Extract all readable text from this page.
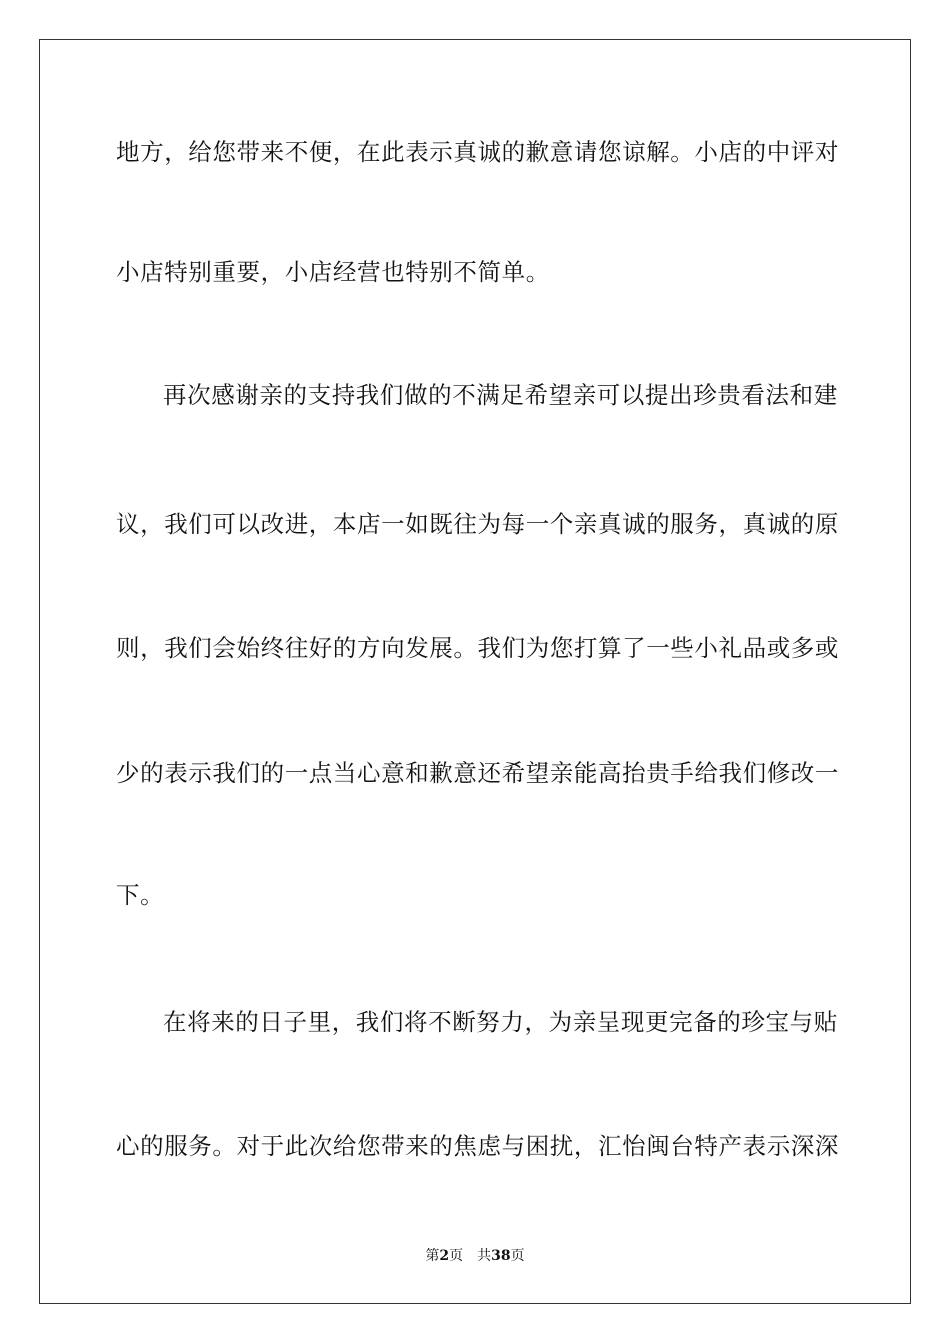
地方，给您带来不便，在此表示真诚的歉意请您谅解。小店的中评对
小店特别重要，小店经营也特别不简单。
再次感谢亲的支持我们做的不满足希望亲可以提出珍贵看法和建
议，我们可以改进，本店一如既往为每一个亲真诚的服务，真诚的原
则，我们会始终往好的方向发展。我们为您打算了一些小礼品或多或
少的表示我们的一点当心意和歉意还希望亲能高抬贵手给我们修改一
下。
在将来的日子里，我们将不断努力，为亲呈现更完备的珍宝与贴
心的服务。对于此次给您带来的焦虑与困扰，汇怡闽台特产表示深深
第2页 共38页
